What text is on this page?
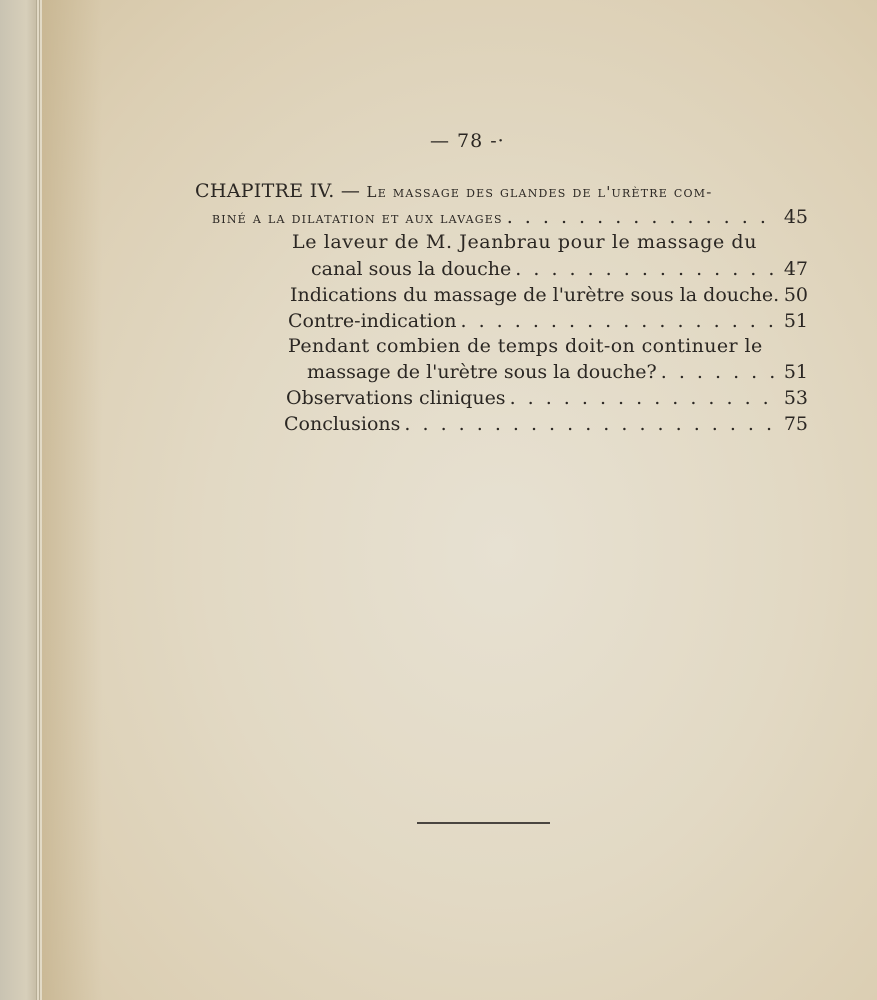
— 78 -·
CHAPITRE IV. — Le massage des glandes de l'urètre com-
biné a la dilatation et aux lavages . . .	45
Le laveur de M. Jeanbrau pour le massage du
canal sous la douche . . .	47
Indications du massage de l'urètre sous la douche. 50
Contre-indication . . .	51
Pendant combien de temps doit-on continuer le
massage de l'urètre sous la douche? . . .	51
Observations cliniques . . .	53
Conclusions . . .	75
